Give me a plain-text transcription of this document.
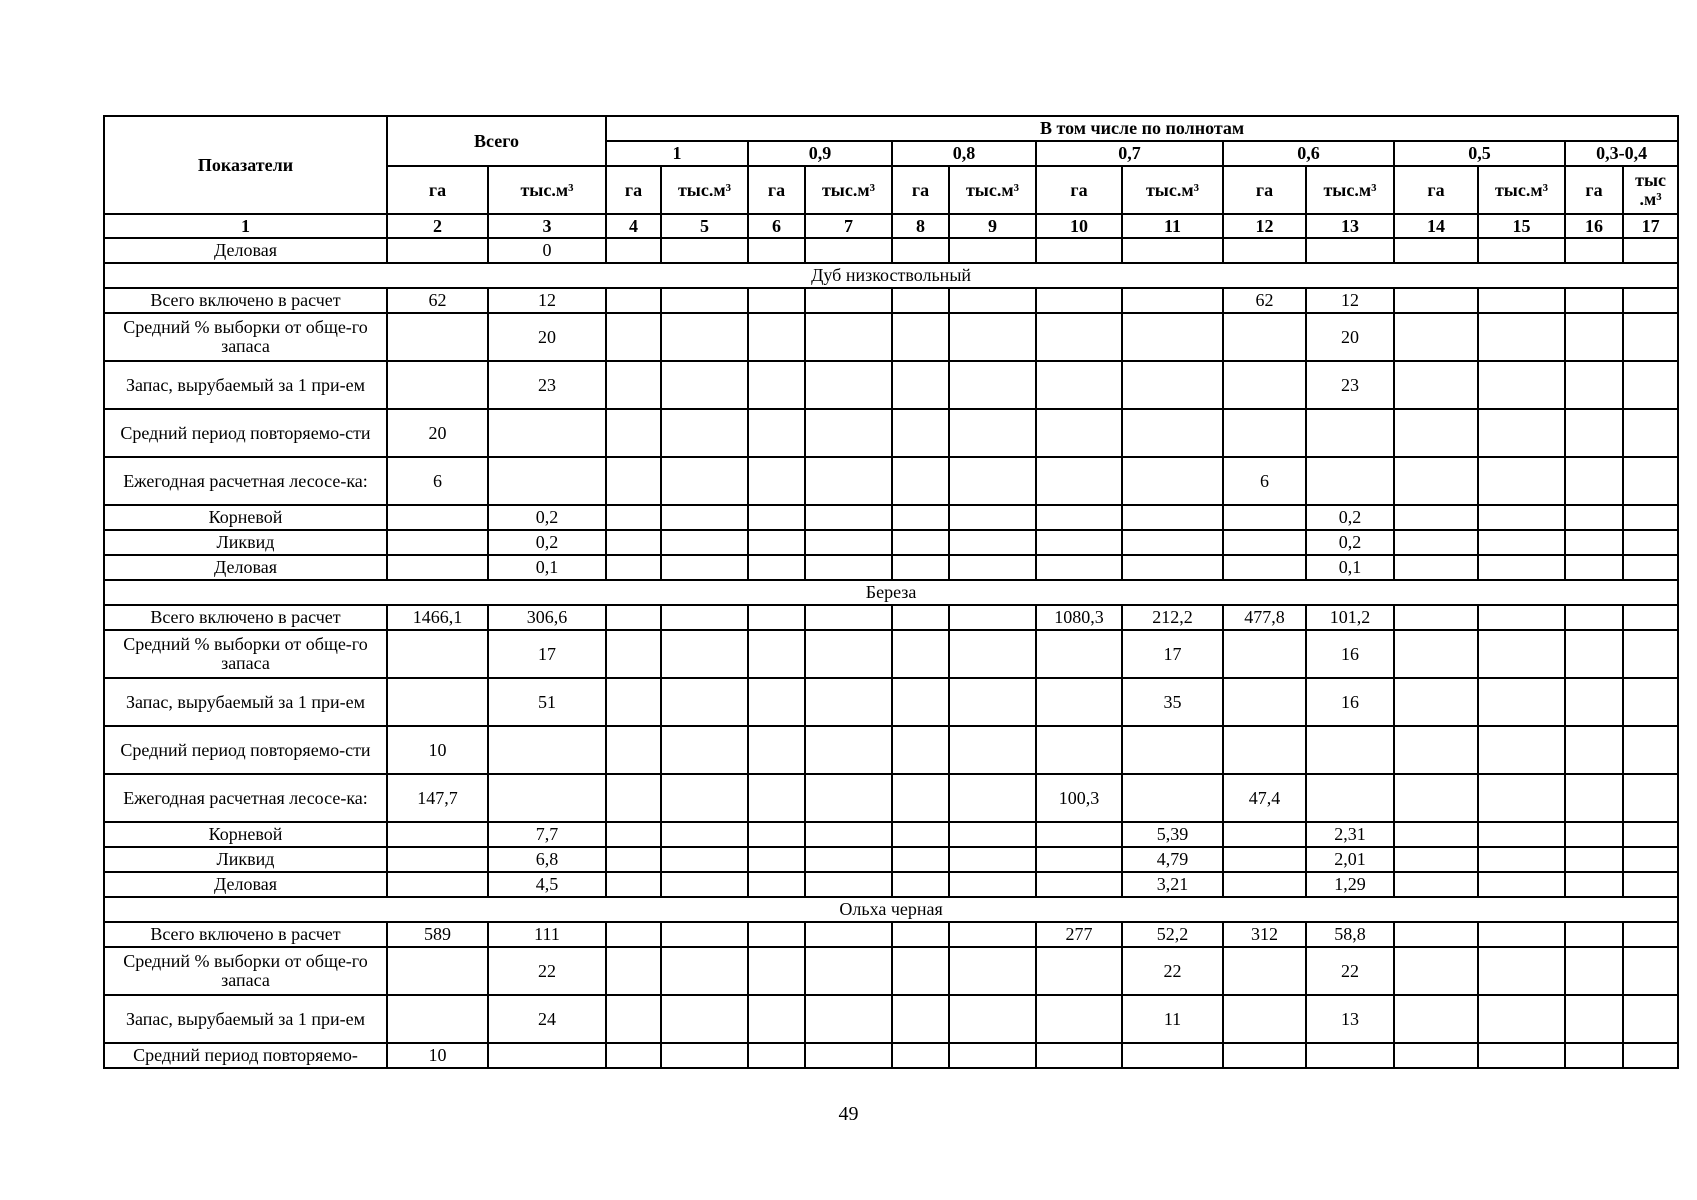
Показатели	Всего		В том числе по полнотам													
			1		0,9		0,8		0,7		0,6		0,5		0,3-0,4	
	га	тыс.м³	га	тыс.м³	га	тыс.м³	га	тыс.м³	га	тыс.м³	га	тыс.м³	га	тыс.м³	га	тыс .м³
1	2	3	4	5	6	7	8	9	10	11	12	13	14	15	16	17
Деловая		0														
Дуб низкоствольный																
Всего включено в расчет	62	12									62	12				
Средний % выборки от обще-го запаса		20										20				
Запас, вырубаемый за 1 при-ем		23										23				
Средний период повторяемо-сти	20															
Ежегодная расчетная лесосе-ка:	6										6					
Корневой		0,2										0,2				
Ликвид		0,2										0,2				
Деловая		0,1										0,1				
Береза																
Всего включено в расчет	1466,1	306,6							1080,3	212,2	477,8	101,2				
Средний % выборки от обще-го запаса		17								17		16				
Запас, вырубаемый за 1 при-ем		51								35		16				
Средний период повторяемо-сти	10															
Ежегодная расчетная лесосе-ка:	147,7								100,3		47,4					
Корневой		7,7								5,39		2,31				
Ликвид		6,8								4,79		2,01				
Деловая		4,5								3,21		1,29				
Ольха черная																
Всего включено в расчет	589	111							277	52,2	312	58,8				
Средний % выборки от обще-го запаса		22								22		22				
Запас, вырубаемый за 1 при-ем		24								11		13				
Средний период повторяемо-	10															
49
